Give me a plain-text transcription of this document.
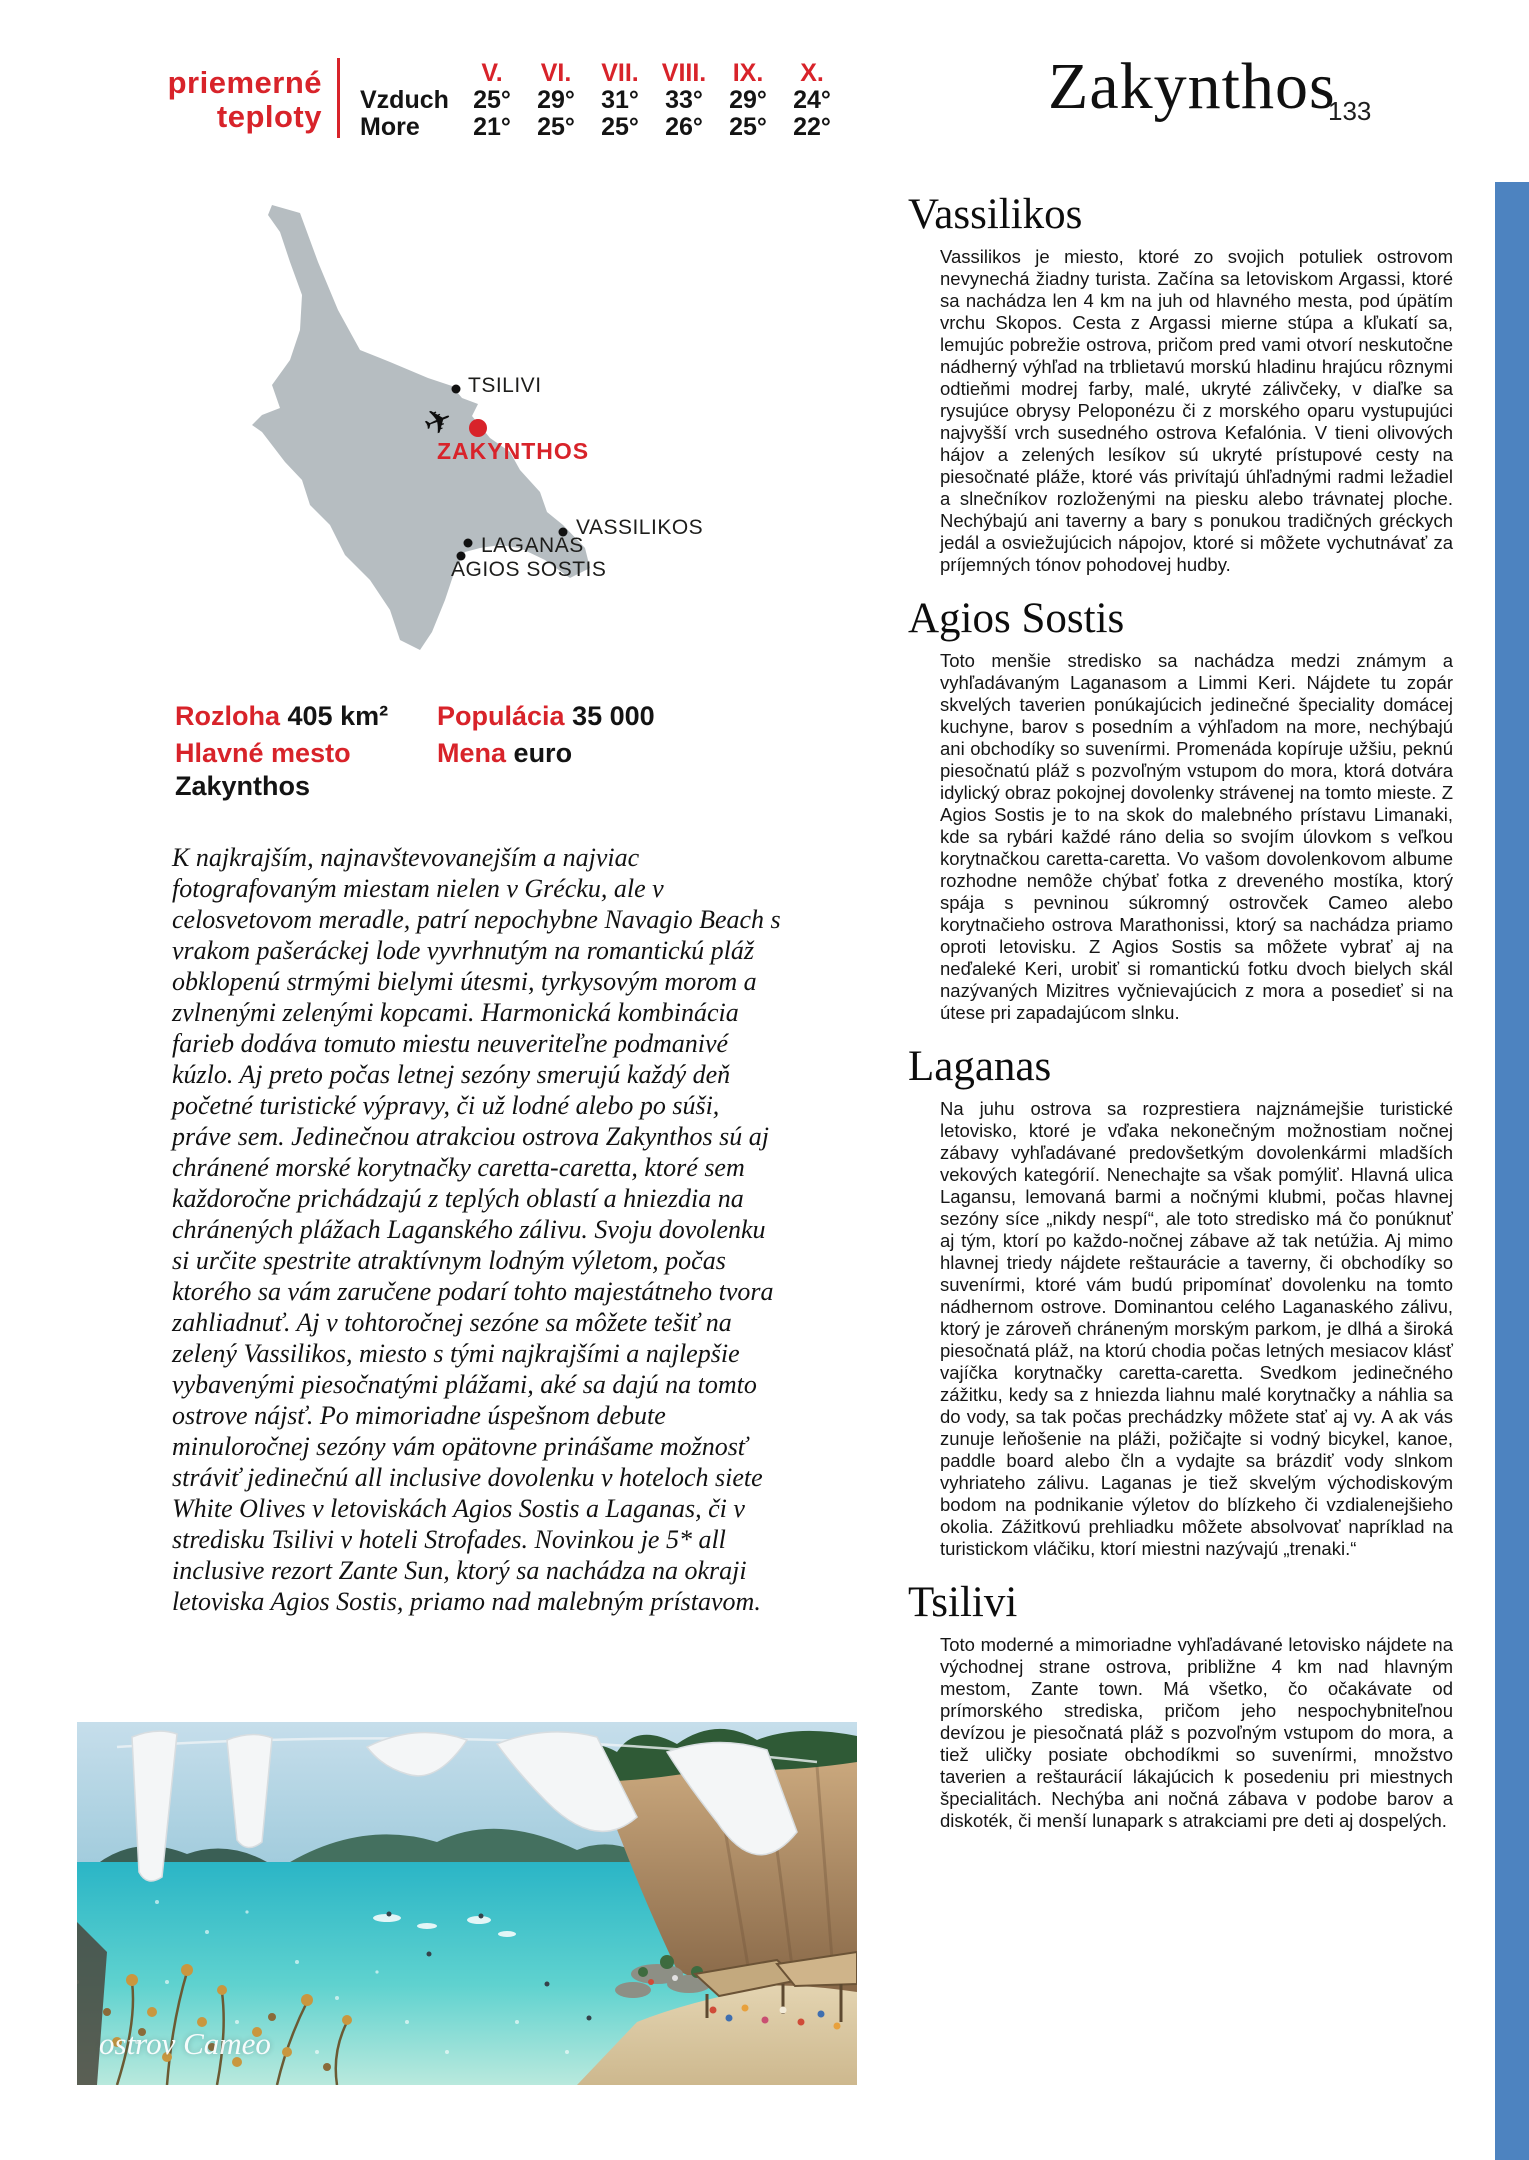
priemerné
teploty
V.	VI.	VII. VIII.	IX.	X.
Vzduch 25°	29°	31°	33°	29°	24°
More	21°	25°	25°	26°	25°	22°
Zakynthos
133
✈
TSILIVI
ZAKYNTHOS
VASSILIKOS
LAGANAS
AGIOS SOSTIS
Rozloha 405 km²	Populácia 35 000
Hlavné mesto Zakynthos
Mena euro
K najkrajším, najnavštevovanejším a najviac fotografovaným miestam nielen v Grécku, ale v celosvetovom meradle, patrí nepochybne Navagio Beach s vrakom pašeráckej lode vyvrhnutým na romantickú pláž obklopenú strmými bielymi útesmi, tyrkysovým morom a zvlnenými zelenými kopcami. Harmonická kombinácia farieb dodáva tomuto miestu neuveriteľne podmanivé kúzlo. Aj preto počas letnej sezóny smerujú každý deň početné turistické výpravy, či už lodné alebo po súši, práve sem. Jedinečnou atrakciou ostrova Zakynthos sú aj chránené morské korytnačky caretta-caretta, ktoré sem každoročne prichádzajú z teplých oblastí a hniezdia na chránených plážach Laganského zálivu. Svoju dovolenku si určite spestrite atraktívnym lodným výletom, počas ktorého sa vám zaručene podarí tohto majestátneho tvora zahliadnuť. Aj v tohtoročnej sezóne sa môžete tešiť na zelený Vassilikos, miesto s tými najkrajšími a najlepšie vybavenými piesočnatými plážami, aké sa dajú na tomto ostrove nájsť. Po mimoriadne úspešnom debute minuloročnej sezóny vám opätovne prinášame možnosť stráviť jedinečnú all inclusive dovolenku v hoteloch siete White Olives v letoviskách Agios Sostis a Laganas, či v stredisku Tsilivi v hoteli Strofades. Novinkou je 5* all inclusive rezort Zante Sun, ktorý sa nachádza na okraji letoviska Agios Sostis, priamo nad malebným prístavom.
Vassilikos
Vassilikos je miesto, ktoré zo svojich potuliek ostrovom nevynechá žiadny turista. Začína sa letoviskom Argassi, ktoré sa nachádza len 4 km na juh od hlavného mesta, pod úpätím vrchu Skopos. Cesta z Argassi mierne stúpa a kľukatí sa, lemujúc pobrežie ostrova, pričom pred vami otvorí neskutočne nádherný výhľad na trblietavú morskú hladinu hrajúcu rôznymi odtieňmi modrej farby, malé, ukryté zálivčeky, v diaľke sa rysujúce obrysy Peloponézu či z morského oparu vystupujúci najvyšší vrch susedného ostrova Kefalónia. V tieni olivových hájov a zelených lesíkov sú ukryté prístupové cesty na piesočnaté pláže, ktoré vás privítajú úhľadnými radmi ležadiel a slnečníkov rozloženými na piesku alebo trávnatej ploche. Nechýbajú ani taverny a bary s ponukou tradičných gréckych jedál a osviežujúcich nápojov, ktoré si môžete vychutnávať za príjemných tónov pohodovej hudby.
Agios Sostis
Toto menšie stredisko sa nachádza medzi známym a vyhľadávaným Laganasom a Limmi Keri. Nájdete tu zopár skvelých taverien ponúkajúcich jedinečné špeciality domácej kuchyne, barov s posedním a výhľadom na more, nechýbajú ani obchodíky so suvenírmi. Promenáda kopíruje užšiu, peknú piesočnatú pláž s pozvoľným vstupom do mora, ktorá dotvára idylický obraz pokojnej dovolenky strávenej na tomto mieste. Z Agios Sostis je to na skok do malebného prístavu Limanaki, kde sa rybári každé ráno delia so svojím úlovkom s veľkou korytnačkou caretta-caretta. Vo vašom dovolenkovom albume rozhodne nemôže chýbať fotka z dreveného mostíka, ktorý spája s pevninou súkromný ostrovček Cameo alebo korytnačieho ostrova Marathonissi, ktorý sa nachádza priamo oproti letovisku. Z Agios Sostis sa môžete vybrať aj na neďaleké Keri, urobiť si romantickú fotku dvoch bielych skál nazývaných Mizitres vyčnievajúcich z mora a posedieť si na útese pri zapadajúcom slnku.
Laganas
Na juhu ostrova sa rozprestiera najznámejšie turistické letovisko, ktoré je vďaka nekonečným možnostiam nočnej zábavy vyhľadávané predovšetkým dovolenkármi mladších vekových kategórií. Nenechajte sa však pomýliť. Hlavná ulica Lagansu, lemovaná barmi a nočnými klubmi, počas hlavnej sezóny síce „nikdy nespí“, ale toto stredisko má čo ponúknuť aj tým, ktorí po každo-nočnej zábave až tak netúžia. Aj mimo hlavnej triedy nájdete reštaurácie a taverny, či obchodíky so suvenírmi, ktoré vám budú pripomínať dovolenku na tomto nádhernom ostrove. Dominantou celého Laganaského zálivu, ktorý je zároveň chráneným morským parkom, je dlhá a široká piesočnatá pláž, na ktorú chodia počas letných mesiacov klásť vajíčka korytnačky caretta-caretta. Svedkom jedinečného zážitku, kedy sa z hniezda liahnu malé korytnačky a náhlia sa do vody, sa tak počas prechádzky môžete stať aj vy. A ak vás zunuje leňošenie na pláži, požičajte si vodný bicykel, kanoe, paddle board alebo čln a vydajte sa brázdiť vody slnkom vyhriateho zálivu. Laganas je tiež skvelým východiskovým bodom na podnikanie výletov do blízkeho či vzdialenejšieho okolia. Zážitkovú prehliadku môžete absolvovať napríklad na turistickom vláčiku, ktorí miestni nazývajú „trenaki.“
Tsilivi
Toto moderné a mimoriadne vyhľadávané letovisko nájdete na východnej strane ostrova, približne 4 km nad hlavným mestom, Zante town. Má všetko, čo očakávate od prímorského strediska, pričom jeho nespochybniteľnou devízou je piesočnatá pláž s pozvoľným vstupom do mora, a tiež uličky posiate obchodíkmi so suvenírmi, množstvo taverien a reštaurácií lákajúcich k posedeniu pri miestnych špecialitách. Nechýba ani nočná zábava v podobe barov a diskoték, či menší lunapark s atrakciami pre deti aj dospelých.
ostrov Cameo
